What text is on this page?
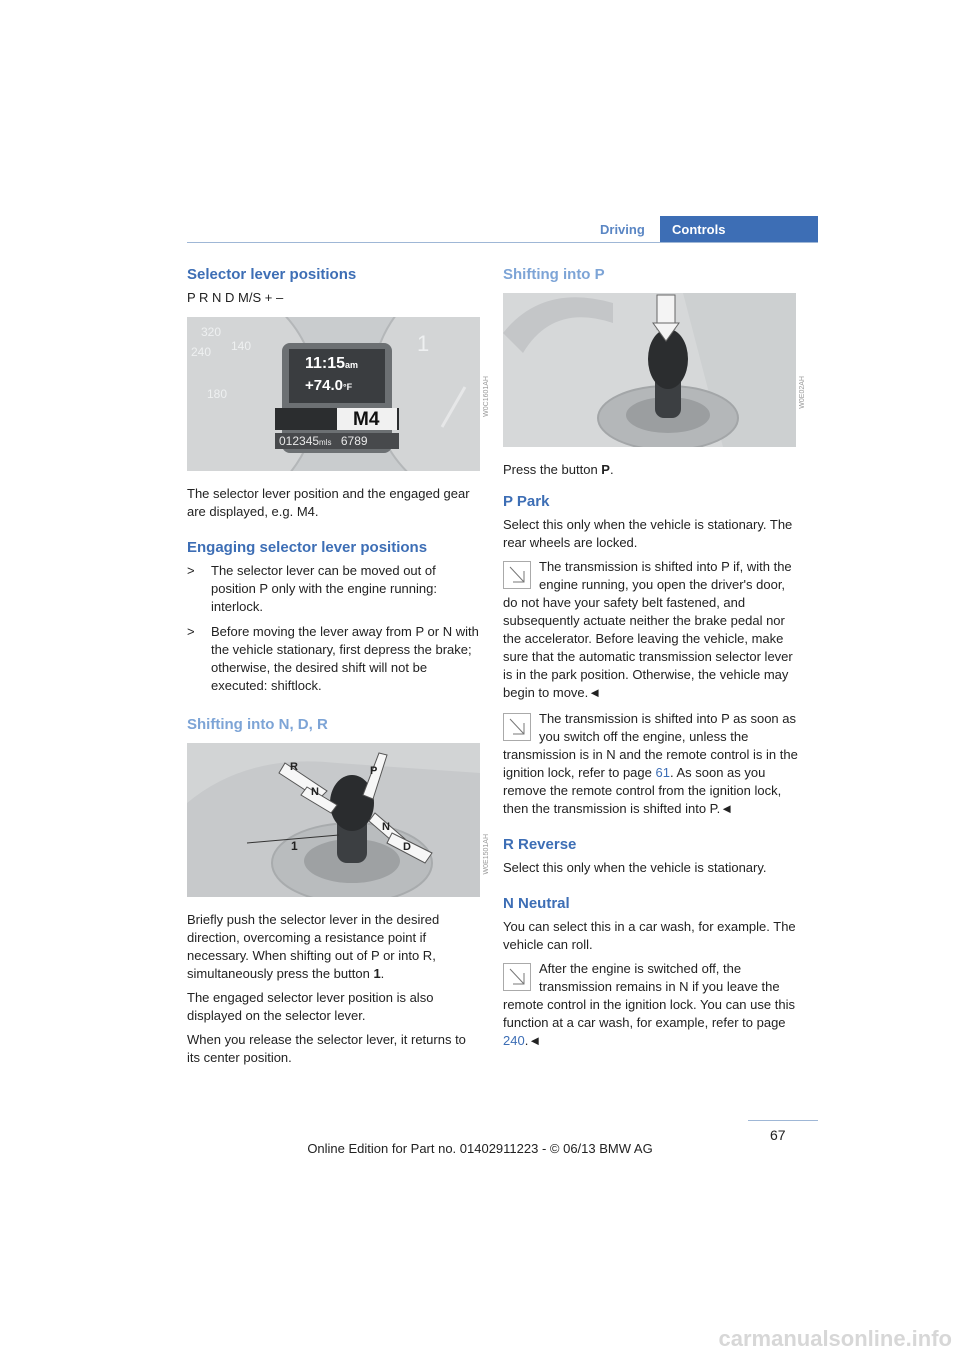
Driving	Controls
Selector lever positions

P R N D M/S + –

320
240
180
140	1
11:15am
+74.0°F
M4
012345mls 6789
W0C1601AH

The selector lever position and the engaged gear are displayed, e.g. M4.

Engaging selector lever positions
> The selector lever can be moved out of position P only with the engine running: interlock.
> Before moving the lever away from P or N with the vehicle stationary, first depress the brake; otherwise, the desired shift will not be executed: shiftlock.
Shifting into N, D, R
R
N
P
N
D
1	W0E1501AH

Briefly push the selector lever in the desired direction, overcoming a resistance point if necessary. When shifting out of P or into R, simultaneously press the button 1.

The engaged selector lever position is also displayed on the selector lever.

When you release the selector lever, it returns to its center position.

Shifting into P
W0E02AH

Press the button P.

P Park

Select this only when the vehicle is stationary. The rear wheels are locked.

The transmission is shifted into P if, with the engine running, you open the driver's door, do not have your safety belt fastened, and subsequently actuate neither the brake pedal nor the accelerator. Before leaving the vehicle, make sure that the automatic transmission selector lever is in the park position. Otherwise, the vehicle may begin to move.◄
The transmission is shifted into P as soon as you switch off the engine, unless the transmission is in N and the remote control is in the ignition lock, refer to page 61. As soon as you remove the remote control from the ignition lock, then the transmission is shifted into P.◄
R Reverse

Select this only when the vehicle is stationary.

N Neutral

You can select this in a car wash, for example. The vehicle can roll.

After the engine is switched off, the transmission remains in N if you leave the remote control in the ignition lock. You can use this function at a car wash, for example, refer to page 240.◄
67
Online Edition for Part no. 01402911223 - © 06/13 BMW AG
carmanualsonline.info
